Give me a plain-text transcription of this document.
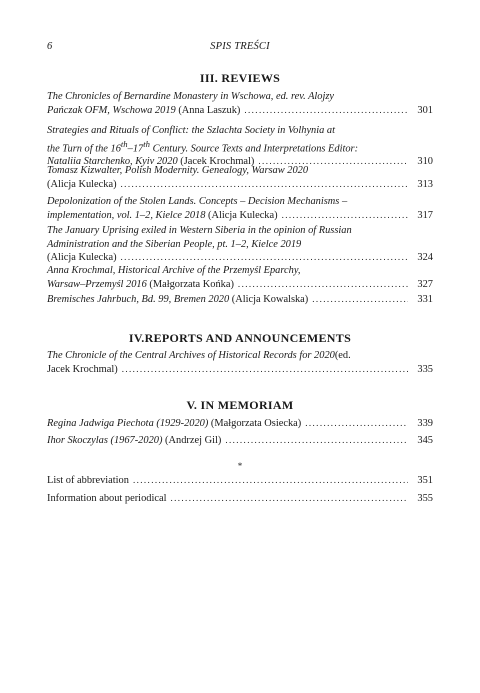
6	SPIS TREŚCI
III. REVIEWS
The Chronicles of Bernardine Monastery in Wschowa, ed. rev. Alojzy
Pańczak OFM, Wschowa 2019
(Anna Laszuk) .....	301
Strategies and Rituals of Conflict: the Szlachta Society in Volhynia at
the Turn of the 16th–17th Century. Source Texts and Interpretations Editor:
Nataliia Starchenko, Kyiv 2020
(Jacek Krochmal) .....	310
Tomasz Kizwalter, Polish Modernity. Genealogy, Warsaw 2020
(Alicja Kulecka) .....	313
Depolonization of the Stolen Lands. Concepts – Decision Mechanisms –
implementation, vol. 1–2, Kielce 2018
(Alicja Kulecka) .....	317
The January Uprising exiled in Western Siberia in the opinion of Russian
Administration and the Siberian People, pt. 1–2, Kielce 2019
(Alicja Kulecka) .....	324
Anna Krochmal, Historical Archive of the Przemyśl Eparchy,
Warsaw–Przemyśl 2016
(Małgorzata Końka) .....	327
Bremisches Jahrbuch, Bd. 99, Bremen 2020
(Alicja Kowalska) .....	331
IV.REPORTS AND ANNOUNCEMENTS
The Chronicle of the Central Archives of Historical Records for 2020 (ed.
Jacek Krochmal) .....	335
V. IN MEMORIAM
Regina Jadwiga Piechota (1929-2020)
(Małgorzata Osiecka) .....	339
Ihor Skoczylas (1967-2020)
(Andrzej Gil) .....	345
*
List of abbreviation .....	351
Information about periodical .....	355
